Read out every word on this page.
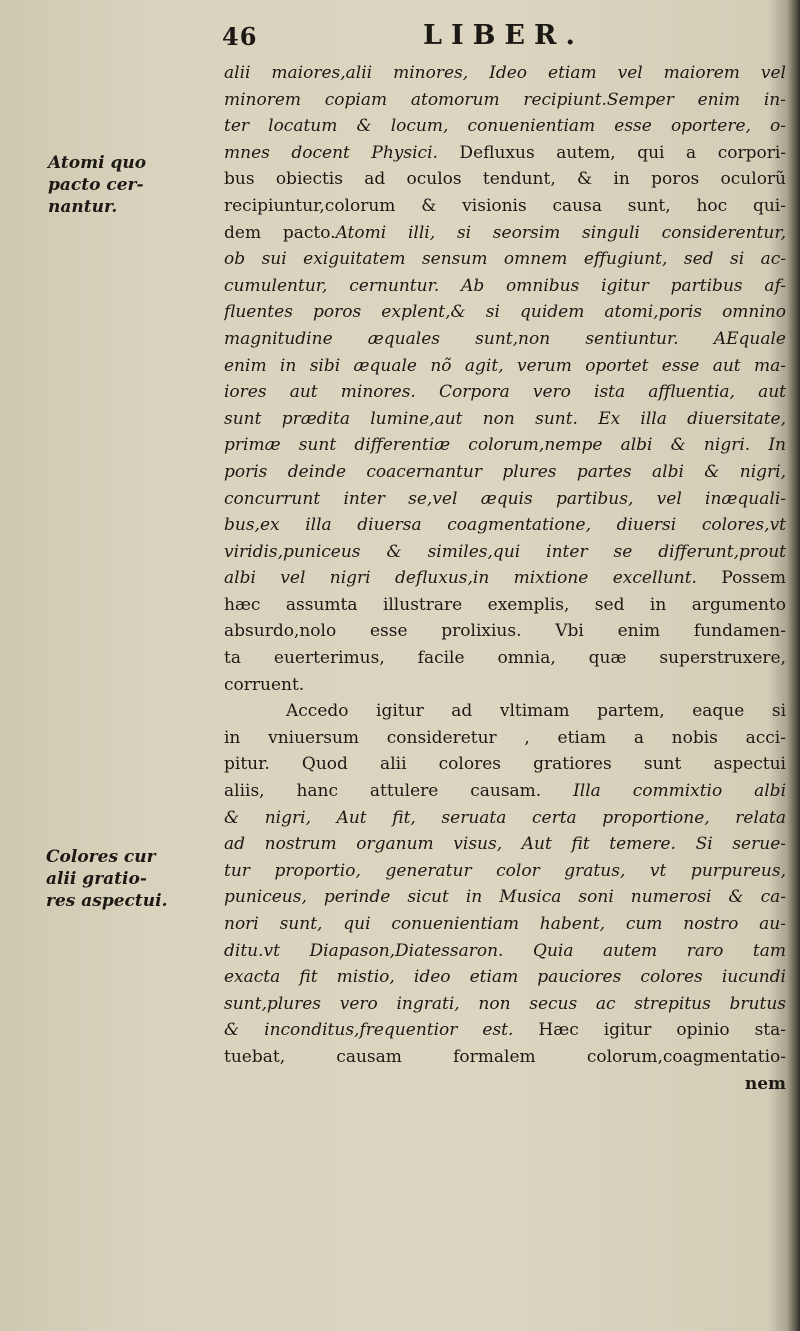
46	LIBER.
Atomi quo
pacto cer-
nantur.
Colores cur
alii gratio-
res aspectui.
alii maiores,alii minores, Ideo etiam vel maiorem vel
minorem copiam atomorum recipiunt.Semper enim in-
ter locatum & locum, conuenientiam esse oportere, o-
mnes docent Physici. Defluxus autem, qui a corpori-
bus obiectis ad oculos tendunt, & in poros oculorũ
recipiuntur,colorum & visionis causa sunt, hoc qui-
dem pacto.Atomi illi, si seorsim singuli considerentur,
ob sui exiguitatem sensum omnem effugiunt, sed si ac-
cumulentur, cernuntur. Ab omnibus igitur partibus af-
fluentes poros explent,& si quidem atomi,poris omnino
magnitudine æquales sunt,non sentiuntur. AEquale
enim in sibi æquale nõ agit, verum oportet esse aut ma-
iores aut minores. Corpora vero ista affluentia, aut
sunt prædita lumine,aut non sunt. Ex illa diuersitate,
primæ sunt differentiæ colorum,nempe albi & nigri. In
poris deinde coacernantur plures partes albi & nigri,
concurrunt inter se,vel æquis partibus, vel inæquali-
bus,ex illa diuersa coagmentatione, diuersi colores,vt
viridis,puniceus & similes,qui inter se differunt,prout
albi vel nigri defluxus,in mixtione excellunt. Possem
hæc assumta illustrare exemplis, sed in argumento
absurdo,nolo esse prolixius. Vbi enim fundamen-
ta euerterimus, facile omnia, quæ superstruxere,
corruent.
Accedo igitur ad vltimam partem, eaque si
in vniuersum consideretur , etiam a nobis acci-
pitur. Quod alii colores gratiores sunt aspectui
aliis, hanc attulere causam. Illa commixtio albi
& nigri, Aut fit, seruata certa proportione, relata
ad nostrum organum visus, Aut fit temere. Si serue-
tur proportio, generatur color gratus, vt purpureus,
puniceus, perinde sicut in Musica soni numerosi & ca-
nori sunt, qui conuenientiam habent, cum nostro au-
ditu.vt Diapason,Diatessaron. Quia autem raro tam
exacta fit mistio, ideo etiam pauciores colores iucundi
sunt,plures vero ingrati, non secus ac strepitus brutus
& inconditus,frequentior est. Hæc igitur opinio sta-
tuebat, causam formalem colorum,coagmentatio-
nem
